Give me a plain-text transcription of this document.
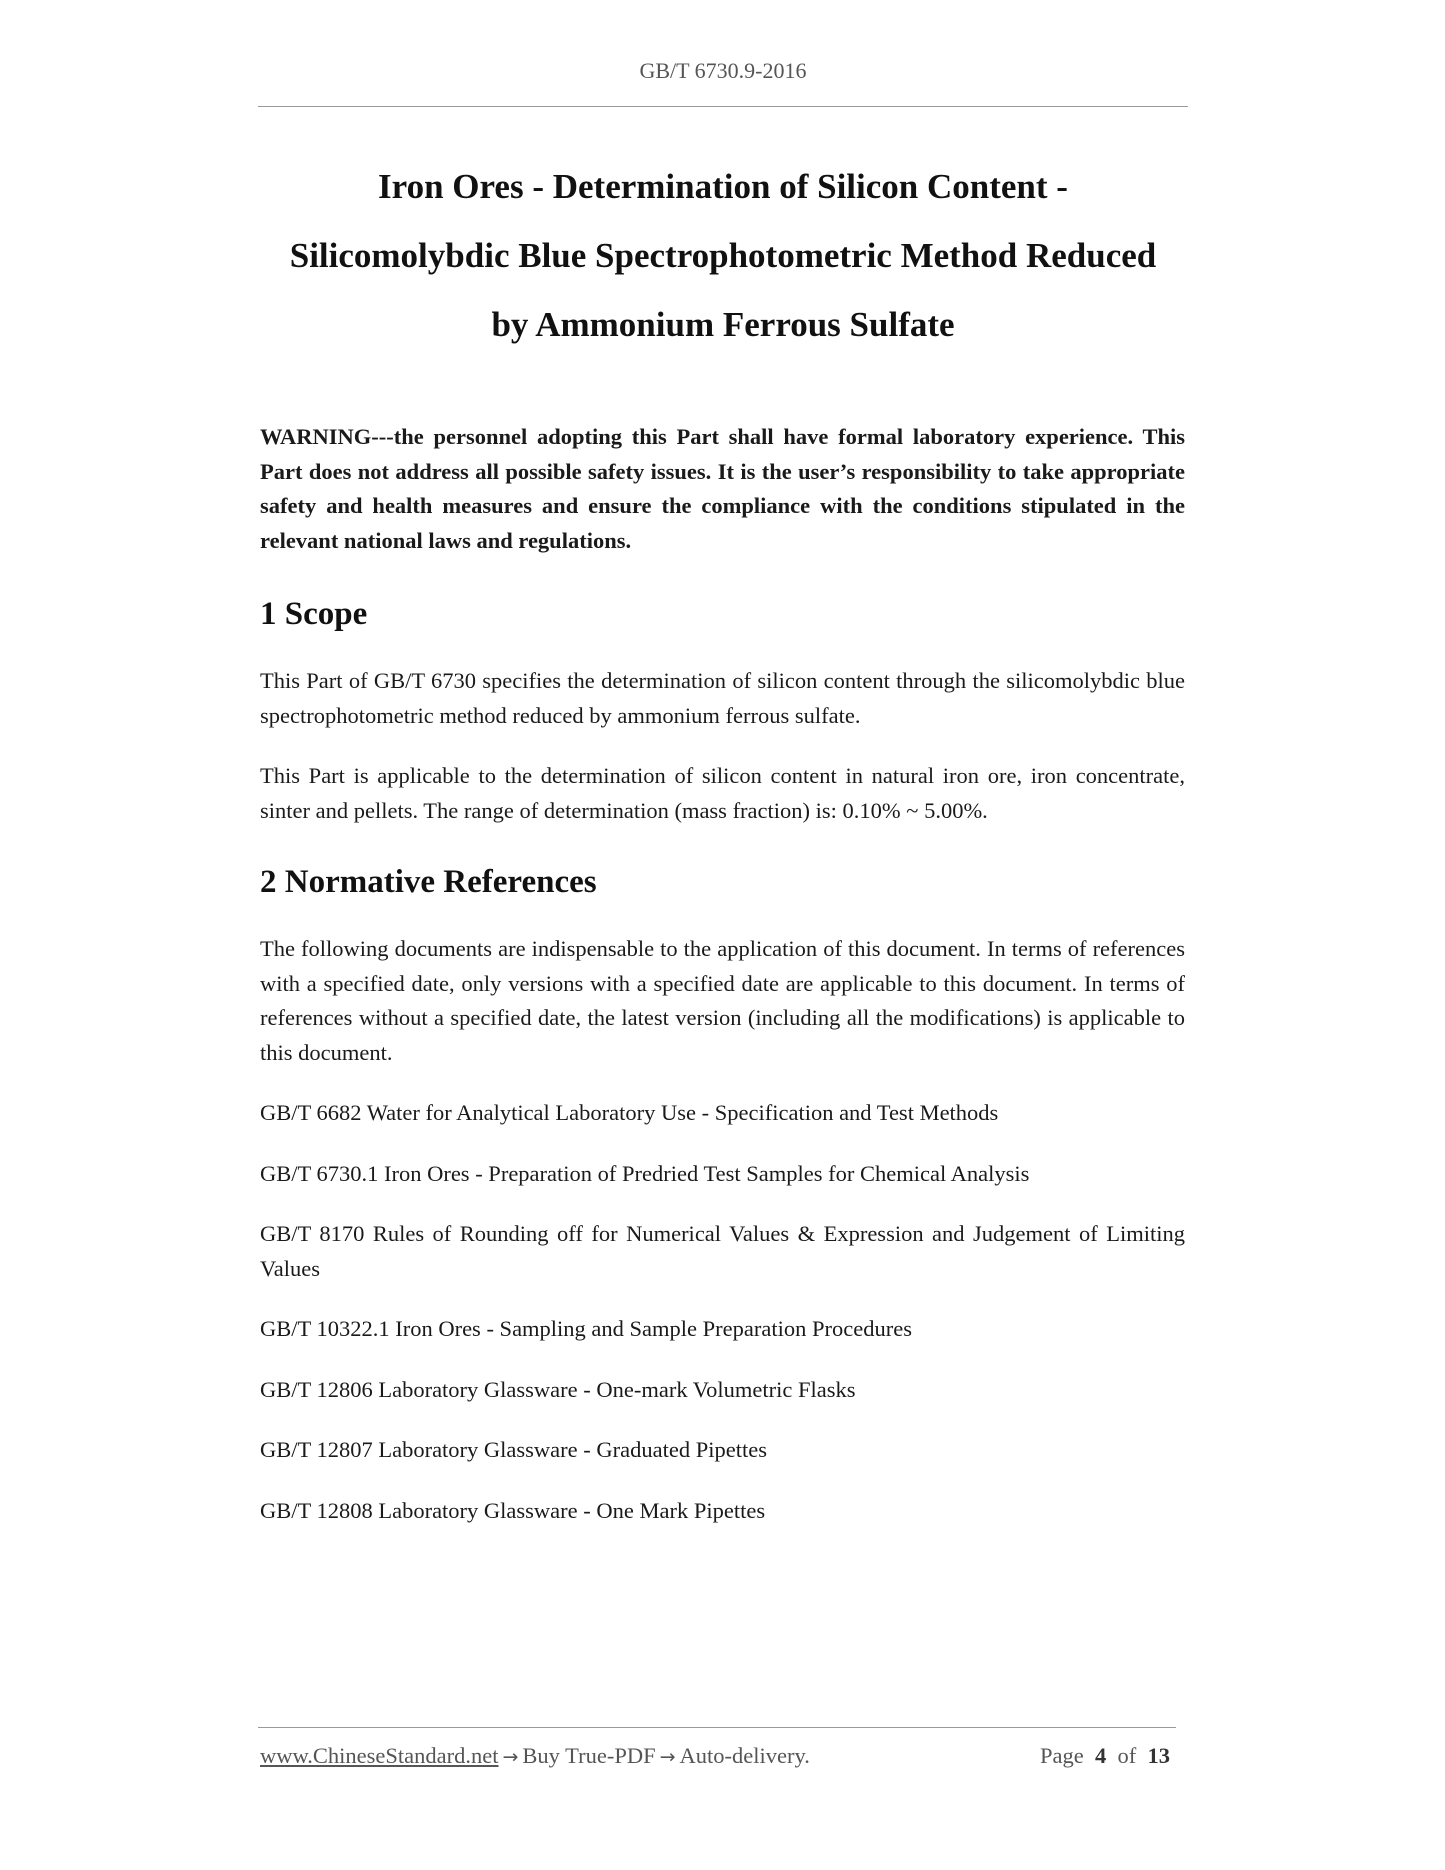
GB/T 6730.9-2016
Iron Ores - Determination of Silicon Content -
Silicomolybdic Blue Spectrophotometric Method Reduced
by Ammonium Ferrous Sulfate

WARNING---the personnel adopting this Part shall have formal laboratory experience. This Part does not address all possible safety issues. It is the user’s responsibility to take appropriate safety and health measures and ensure the compliance with the conditions stipulated in the relevant national laws and regulations.

1 Scope

This Part of GB/T 6730 specifies the determination of silicon content through the silicomolybdic blue spectrophotometric method reduced by ammonium ferrous sulfate.

This Part is applicable to the determination of silicon content in natural iron ore, iron concentrate, sinter and pellets. The range of determination (mass fraction) is: 0.10% ~ 5.00%.

2 Normative References

The following documents are indispensable to the application of this document. In terms of references with a specified date, only versions with a specified date are applicable to this document. In terms of references without a specified date, the latest version (including all the modifications) is applicable to this document.

GB/T 6682 Water for Analytical Laboratory Use - Specification and Test Methods

GB/T 6730.1 Iron Ores - Preparation of Predried Test Samples for Chemical Analysis

GB/T 8170 Rules of Rounding off for Numerical Values & Expression and Judgement of Limiting Values

GB/T 10322.1 Iron Ores - Sampling and Sample Preparation Procedures

GB/T 12806 Laboratory Glassware - One-mark Volumetric Flasks

GB/T 12807 Laboratory Glassware - Graduated Pipettes

GB/T 12808 Laboratory Glassware - One Mark Pipettes

www.ChineseStandard.net → Buy True-PDF → Auto-delivery.	Page 4 of 13
